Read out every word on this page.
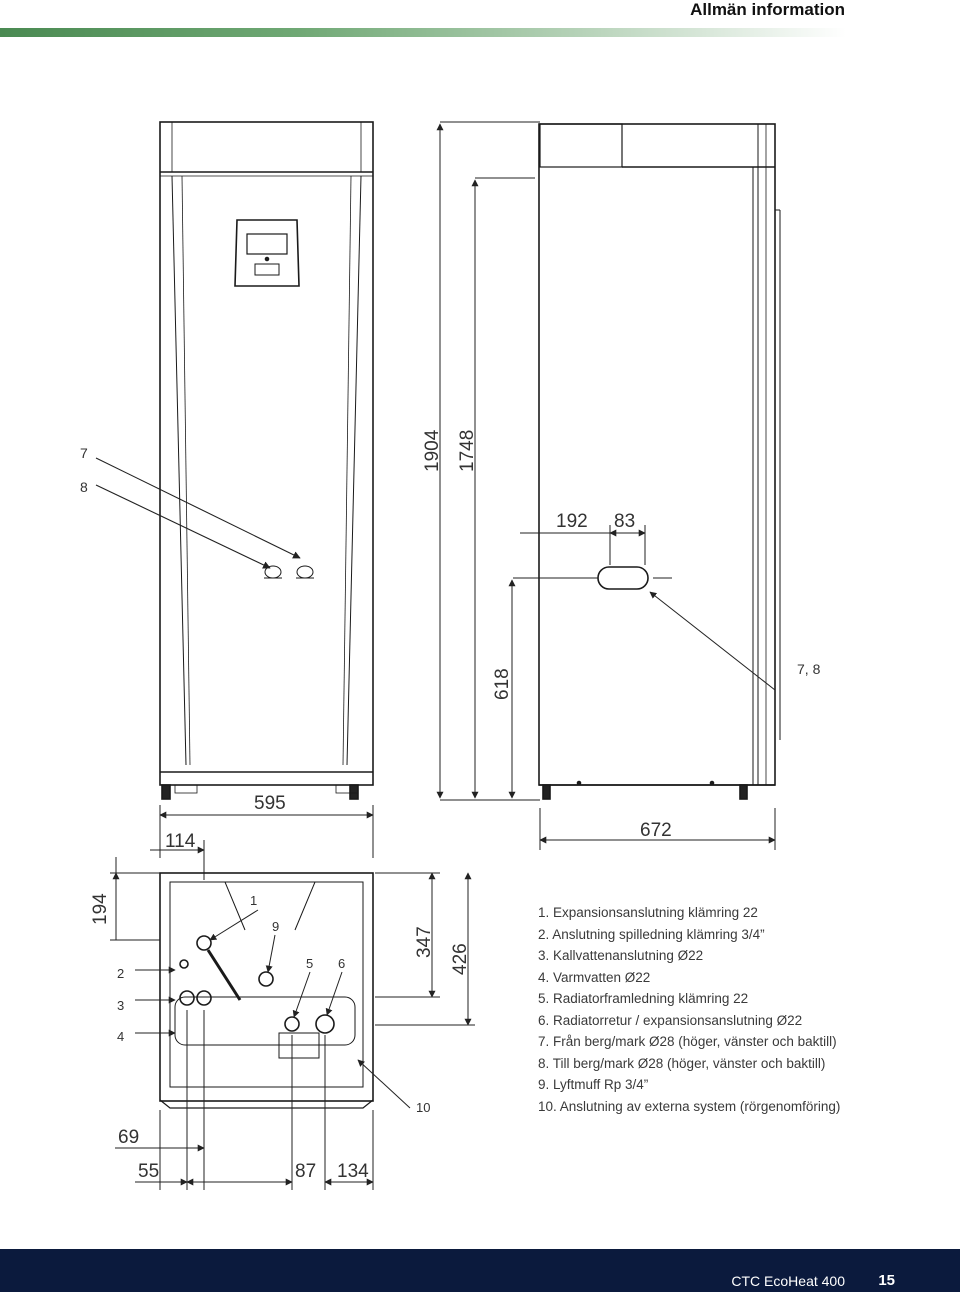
Allmän information
7
8
595
114
1904 1748
618
192 83
672
7, 8
1
2
3
4
5 6
9
10
194
347
426
69
55	87 134
1. Expansionsanslutning klämring 22
2. Anslutning spilledning klämring 3/4”
3. Kallvattenanslutning Ø22
4. Varmvatten Ø22
5. Radiatorframledning klämring 22
6. Radiatorretur / expansionsanslutning Ø22
7. Från berg/mark Ø28 (höger, vänster och baktill)
8. Till berg/mark Ø28 (höger, vänster och baktill)
9. Lyftmuff Rp 3/4”
10. Anslutning av externa system (rörgenomföring)
CTC EcoHeat 400 15
